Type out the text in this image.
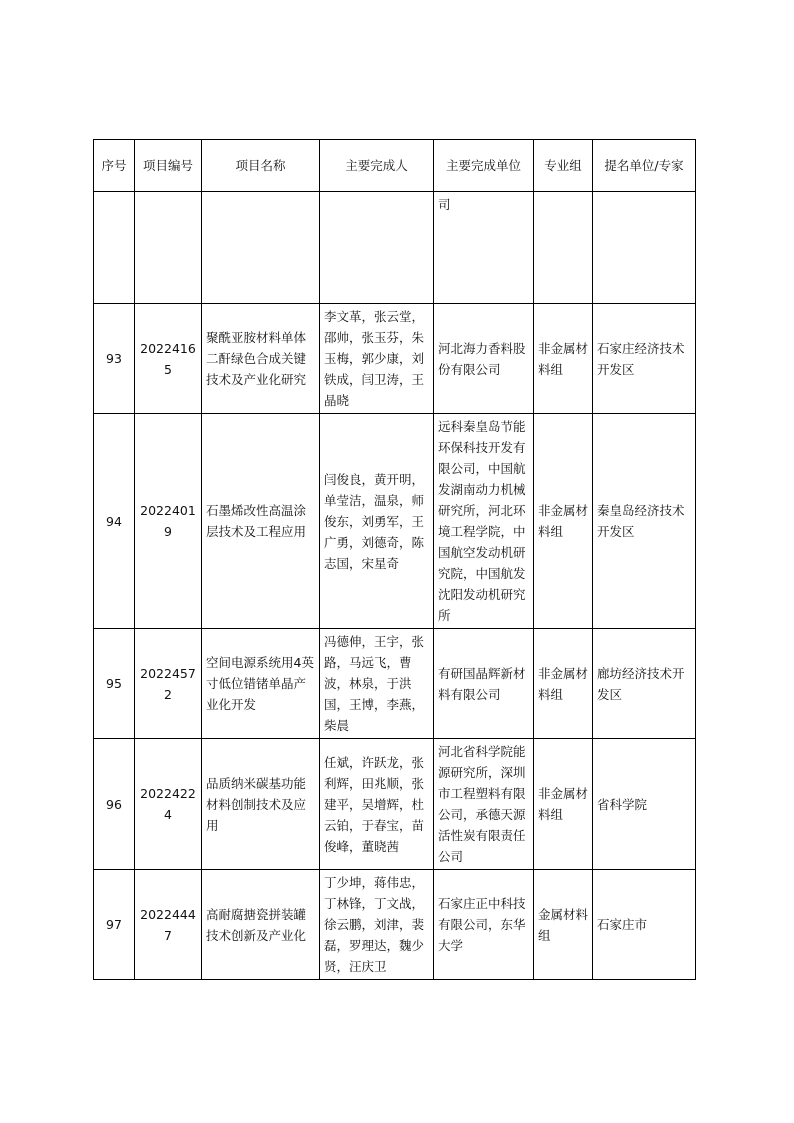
序号	项目编号	项目名称	主要完成人	主要完成单位	专业组	提名单位/专家
				司		
93	20224165	聚酰亚胺材料单体二酐绿色合成关键技术及产业化研究	李文革，张云堂，邵帅，张玉芬，朱玉梅，郭少康，刘铁成，闫卫涛，王晶晓	河北海力香料股份有限公司	非金属材料组	石家庄经济技术开发区
94	20224019	石墨烯改性高温涂层技术及工程应用	闫俊良，黄开明，单莹洁，温泉，师俊东，刘勇军，王广勇，刘德奇，陈志国，宋星奇	远科秦皇岛节能环保科技开发有限公司，中国航发湖南动力机械研究所，河北环境工程学院，中国航空发动机研究院，中国航发沈阳发动机研究所	非金属材料组	秦皇岛经济技术开发区
95	20224572	空间电源系统用4英寸低位错锗单晶产业化开发	冯德伸，王宇，张路，马远飞，曹波，林泉，于洪国，王博，李燕，柴晨	有研国晶辉新材料有限公司	非金属材料组	廊坊经济技术开发区
96	20224224	品质纳米碳基功能材料创制技术及应用	任斌，许跃龙，张利辉，田兆顺，张建平，吴增辉，杜云铂，于春宝，苗俊峰，董晓茜	河北省科学院能源研究所，深圳市工程塑料有限公司，承德天源活性炭有限责任公司	非金属材料组	省科学院
97	20224447	高耐腐搪瓷拼装罐技术创新及产业化	丁少坤，蒋伟忠，丁林锋，丁文战，徐云鹏，刘津，裴磊，罗理达，魏少贤，汪庆卫	石家庄正中科技有限公司，东华大学	金属材料组	石家庄市
